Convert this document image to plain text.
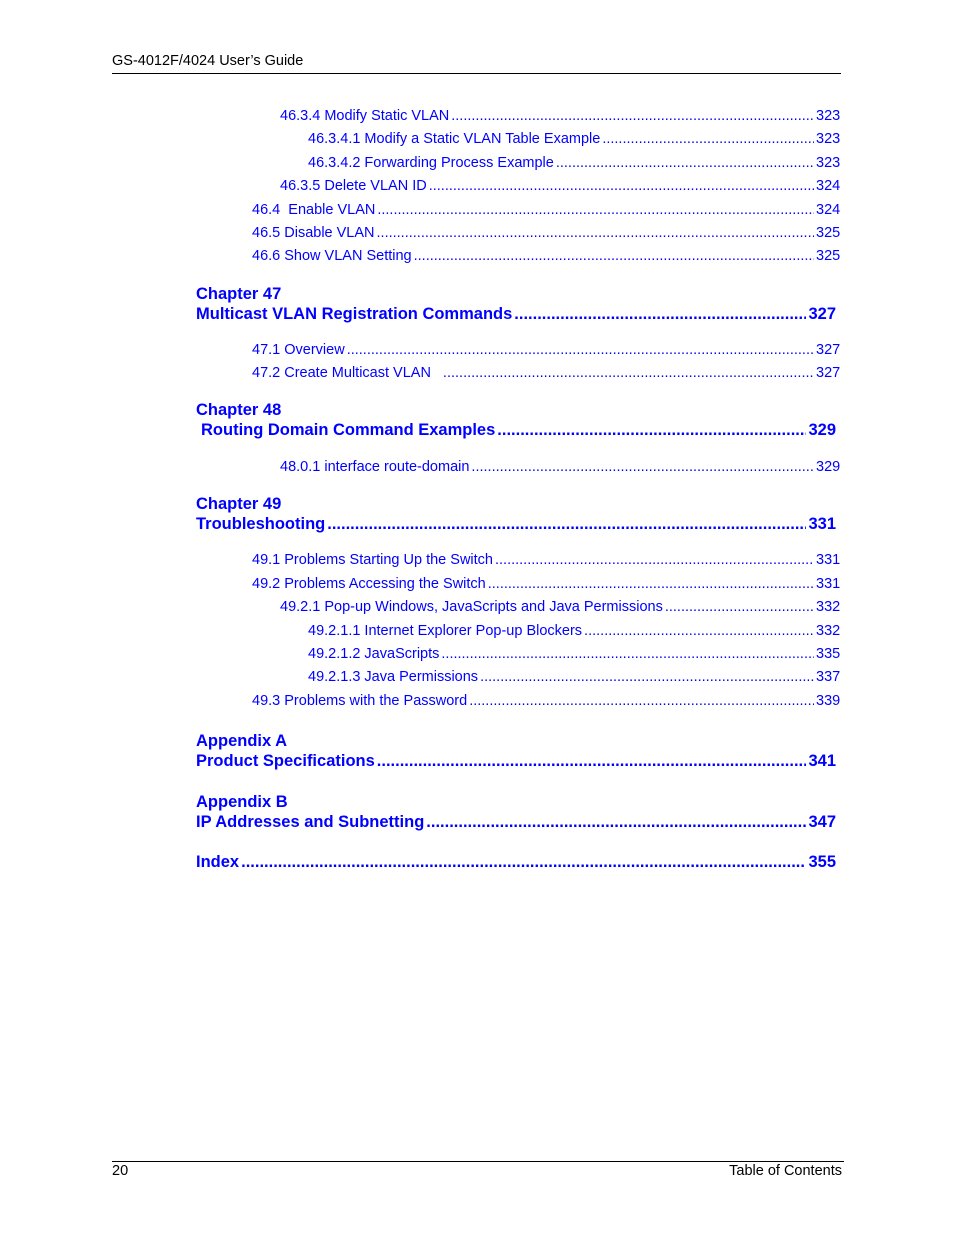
GS-4012F/4024 User’s Guide
46.3.4 Modify Static VLAN .....	323
46.3.4.1 Modify a Static VLAN Table Example .....	323
46.3.4.2 Forwarding Process Example .....	323
46.3.5 Delete VLAN ID .....	324
46.4  Enable VLAN .....	324
46.5 Disable VLAN .....	325
46.6 Show VLAN Setting .....	325
Chapter 47
Multicast VLAN Registration Commands .....	327
47.1 Overview .....	327
47.2 Create Multicast VLAN .....	327
Chapter 48
Routing Domain Command Examples .....	329
48.0.1 interface route-domain .....	329
Chapter 49
Troubleshooting .....	331
49.1 Problems Starting Up the Switch .....	331
49.2 Problems Accessing the Switch .....	331
49.2.1 Pop-up Windows, JavaScripts and Java Permissions .....	332
49.2.1.1 Internet Explorer Pop-up Blockers .....	332
49.2.1.2 JavaScripts .....	335
49.2.1.3 Java Permissions .....	337
49.3 Problems with the Password .....	339
Appendix A
Product Specifications .....	341
Appendix B
IP Addresses and Subnetting .....	347
Index .....	355
20	Table of Contents
